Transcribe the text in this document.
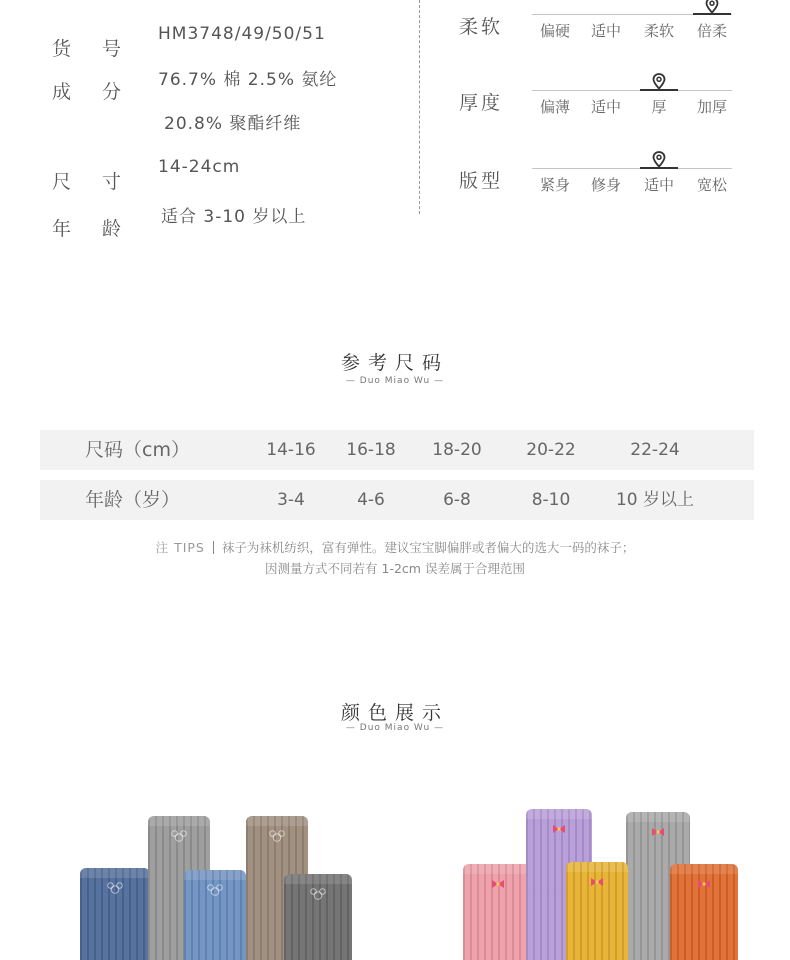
货 号
HM3748/49/50/51
成 分
76.7% 棉 2.5% 氨纶
20.8% 聚酯纤维
尺 寸
14-24cm
年 龄
适合 3-10 岁以上
柔软	偏硬	适中	柔软	倍柔
厚度	偏薄	适中	厚	加厚
版型	紧身	修身	适中	宽松
参考尺码
— Duo Miao Wu —
尺码（cm）	14-16	16-18	18-20	20-22	22-24
年龄（岁）	3-4	4-6	6-8	8-10	10 岁以上
注 TIPS 袜子为袜机纺织，富有弹性。建议宝宝脚偏胖或者偏大的选大一码的袜子；
因测量方式不同若有 1-2cm 误差属于合理范围
颜色展示
— Duo Miao Wu —
